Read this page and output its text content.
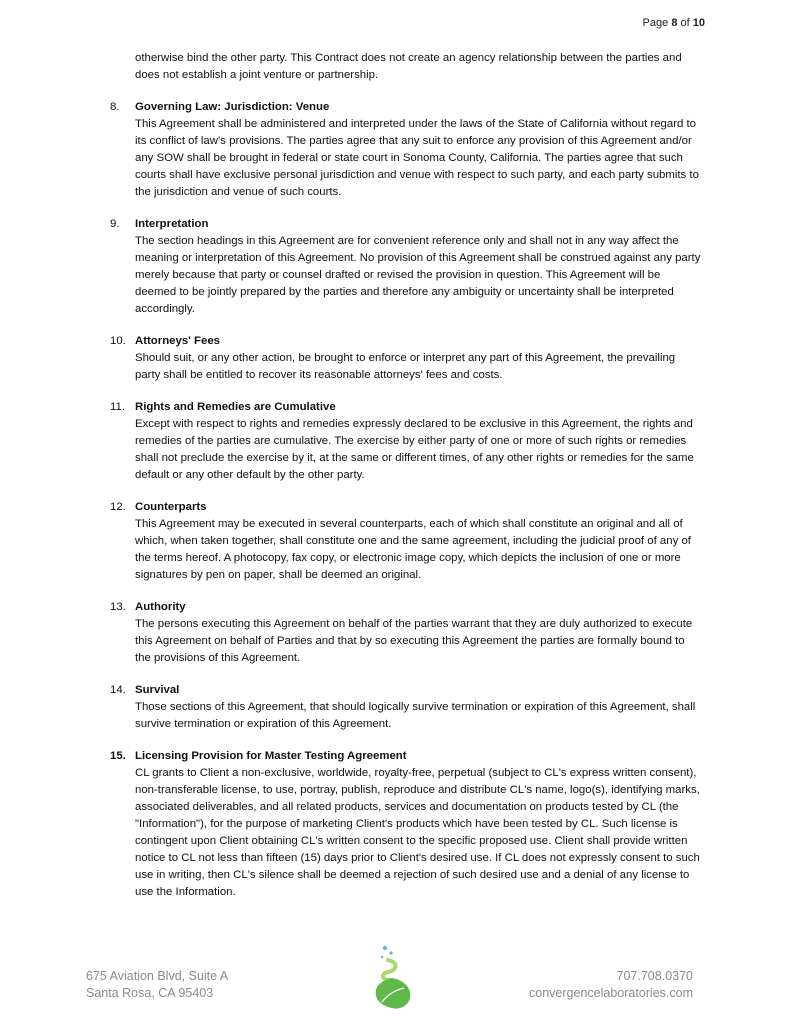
Page 8 of 10

otherwise bind the other party. This Contract does not create an agency relationship between the parties and does not establish a joint venture or partnership.

8. Governing Law: Jurisdiction: Venue

This Agreement shall be administered and interpreted under the laws of the State of California without regard to its conflict of law’s provisions. The parties agree that any suit to enforce any provision of this Agreement and/or any SOW shall be brought in federal or state court in Sonoma County, California. The parties agree that such courts shall have exclusive personal jurisdiction and venue with respect to such party, and each party submits to the jurisdiction and venue of such courts.

9. Interpretation

The section headings in this Agreement are for convenient reference only and shall not in any way affect the meaning or interpretation of this Agreement. No provision of this Agreement shall be construed against any party merely because that party or counsel drafted or revised the provision in question. This Agreement will be deemed to be jointly prepared by the parties and therefore any ambiguity or uncertainty shall be interpreted accordingly.

10. Attorneys' Fees

Should suit, or any other action, be brought to enforce or interpret any part of this Agreement, the prevailing party shall be entitled to recover its reasonable attorneys' fees and costs.

11. Rights and Remedies are Cumulative

Except with respect to rights and remedies expressly declared to be exclusive in this Agreement, the rights and remedies of the parties are cumulative. The exercise by either party of one or more of such rights or remedies shall not preclude the exercise by it, at the same or different times, of any other rights or remedies for the same default or any other default by the other party.

12. Counterparts

This Agreement may be executed in several counterparts, each of which shall constitute an original and all of which, when taken together, shall constitute one and the same agreement, including the judicial proof of any of the terms hereof. A photocopy, fax copy, or electronic image copy, which depicts the inclusion of one or more signatures by pen on paper, shall be deemed an original.

13. Authority

The persons executing this Agreement on behalf of the parties warrant that they are duly authorized to execute this Agreement on behalf of Parties and that by so executing this Agreement the parties are formally bound to the provisions of this Agreement.

14. Survival

Those sections of this Agreement, that should logically survive termination or expiration of this Agreement, shall survive termination or expiration of this Agreement.

15. Licensing Provision for Master Testing Agreement

CL grants to Client a non-exclusive, worldwide, royalty-free, perpetual (subject to CL's express written consent), non-transferable license, to use, portray, publish, reproduce and distribute CL's name, logo(s), identifying marks, associated deliverables, and all related products, services and documentation on products tested by CL (the "Information"), for the purpose of marketing Client's products which have been tested by CL. Such license is contingent upon Client obtaining CL's written consent to the specific proposed use. Client shall provide written notice to CL not less than fifteen (15) days prior to Client's desired use. If CL does not expressly consent to such use in writing, then CL's silence shall be deemed a rejection of such desired use and a denial of any license to use the Information.

675 Aviation Blvd, Suite A
Santa Rosa, CA 95403
707.708.0370
convergencelaboratories.com
